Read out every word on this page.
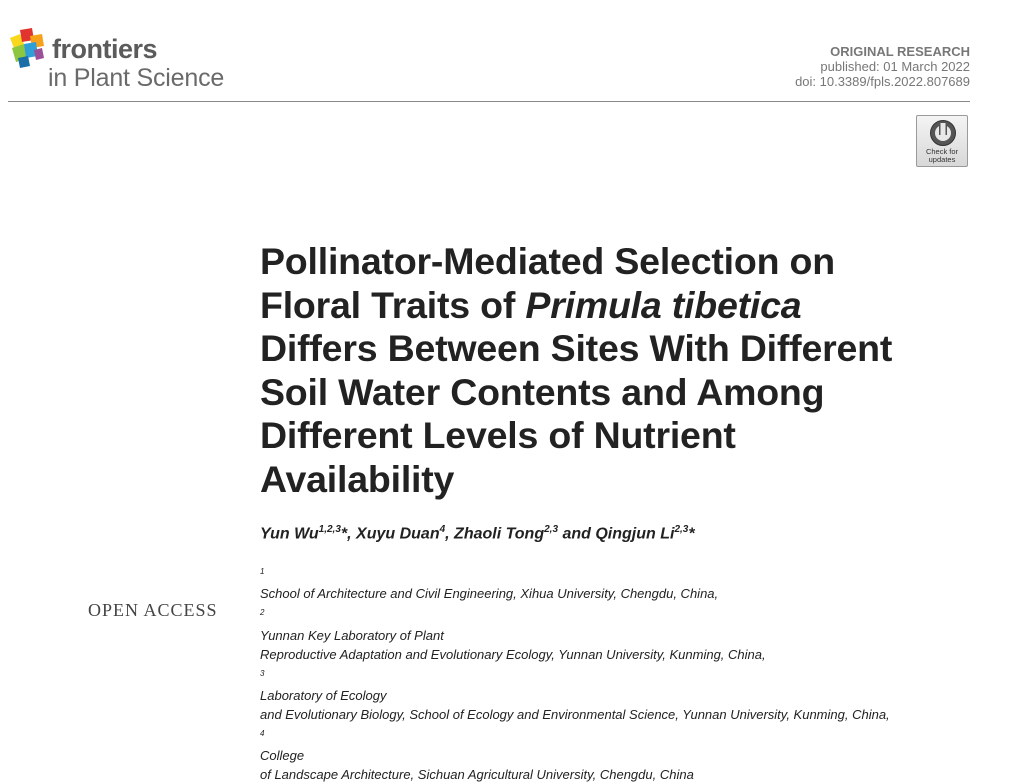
frontiers
in Plant Science
ORIGINAL RESEARCH
published: 01 March 2022
doi: 10.3389/fpls.2022.807689
Check for
updates
Pollinator-Mediated Selection on
Floral Traits of Primula tibetica
Differs Between Sites With Different
Soil Water Contents and Among
Different Levels of Nutrient
Availability

Yun Wu$^{1,2,3}$*, Xuyu Duan$^4$, Zhaoli Tong$^{2,3}$ and Qingjun Li$^{2,3}$*

$^1$
School of Architecture and Civil Engineering, Xihua University, Chengdu, China,
$^2$
Yunnan Key Laboratory of Plant
Reproductive Adaptation and Evolutionary Ecology, Yunnan University, Kunming, China,
$^3$
Laboratory of Ecology
and Evolutionary Biology, School of Ecology and Environmental Science, Yunnan University, Kunming, China,
$^4$
College
of Landscape Architecture, Sichuan Agricultural University, Chengdu, China
OPEN ACCESS
